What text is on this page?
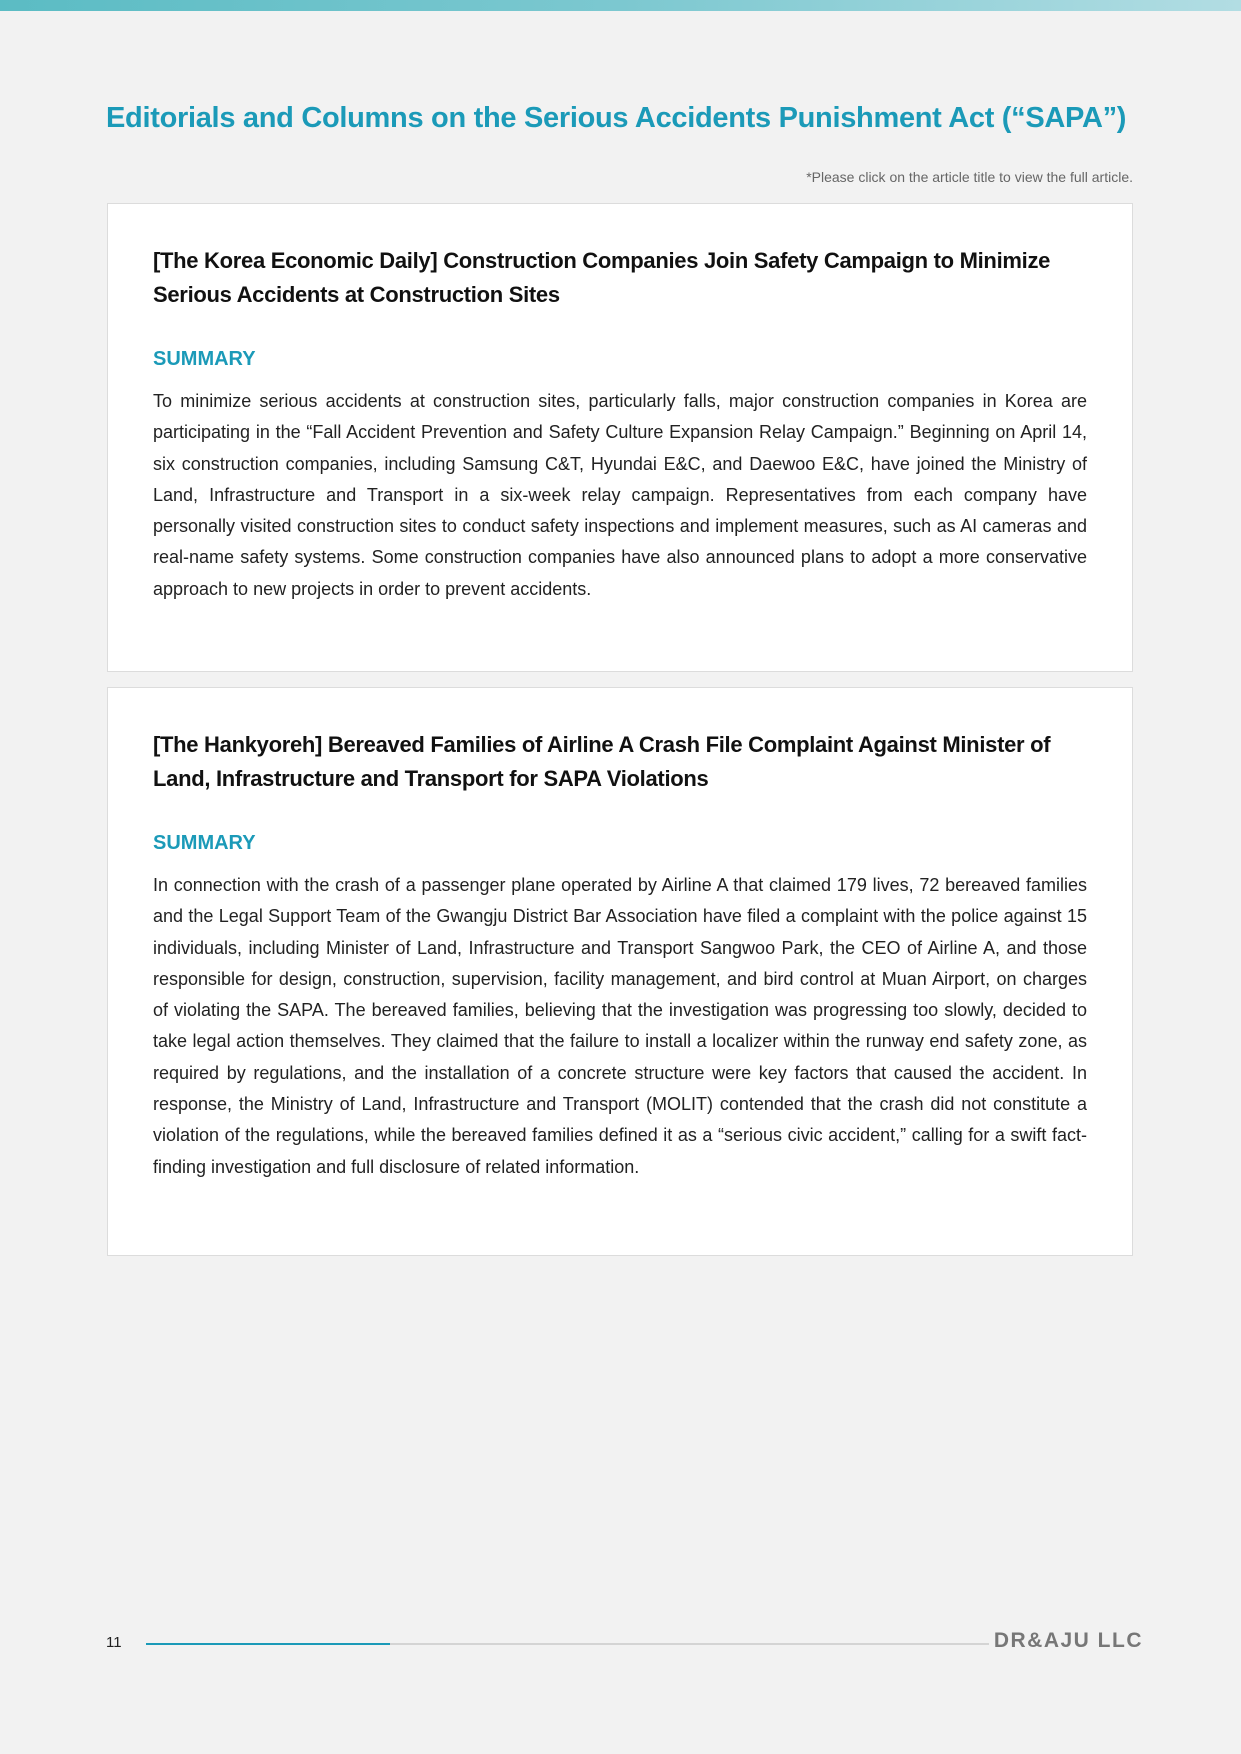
Editorials and Columns on the Serious Accidents Punishment Act (“SAPA”)
*Please click on the article title to view the full article.
[The Korea Economic Daily] Construction Companies Join Safety Campaign to Minimize Serious Accidents at Construction Sites
SUMMARY

To minimize serious accidents at construction sites, particularly falls, major construction companies in Korea are participating in the “Fall Accident Prevention and Safety Culture Expansion Relay Campaign.” Beginning on April 14, six construction companies, including Samsung C&T, Hyundai E&C, and Daewoo E&C, have joined the Ministry of Land, Infrastructure and Transport in a six-week relay campaign. Representatives from each company have personally visited construction sites to conduct safety inspections and implement measures, such as AI cameras and real-name safety systems. Some construction companies have also announced plans to adopt a more conservative approach to new projects in order to prevent accidents.

[The Hankyoreh] Bereaved Families of Airline A Crash File Complaint Against Minister of Land, Infrastructure and Transport for SAPA Violations
SUMMARY

In connection with the crash of a passenger plane operated by Airline A that claimed 179 lives, 72 bereaved families and the Legal Support Team of the Gwangju District Bar Association have filed a complaint with the police against 15 individuals, including Minister of Land, Infrastructure and Transport Sangwoo Park, the CEO of Airline A, and those responsible for design, construction, supervision, facility management, and bird control at Muan Airport, on charges of violating the SAPA. The bereaved families, believing that the investigation was progressing too slowly, decided to take legal action themselves. They claimed that the failure to install a localizer within the runway end safety zone, as required by regulations, and the installation of a concrete structure were key factors that caused the accident. In response, the Ministry of Land, Infrastructure and Transport (MOLIT) contended that the crash did not constitute a violation of the regulations, while the bereaved families defined it as a “serious civic accident,” calling for a swift fact-finding investigation and full disclosure of related information.

11	DR&AJU LLC
